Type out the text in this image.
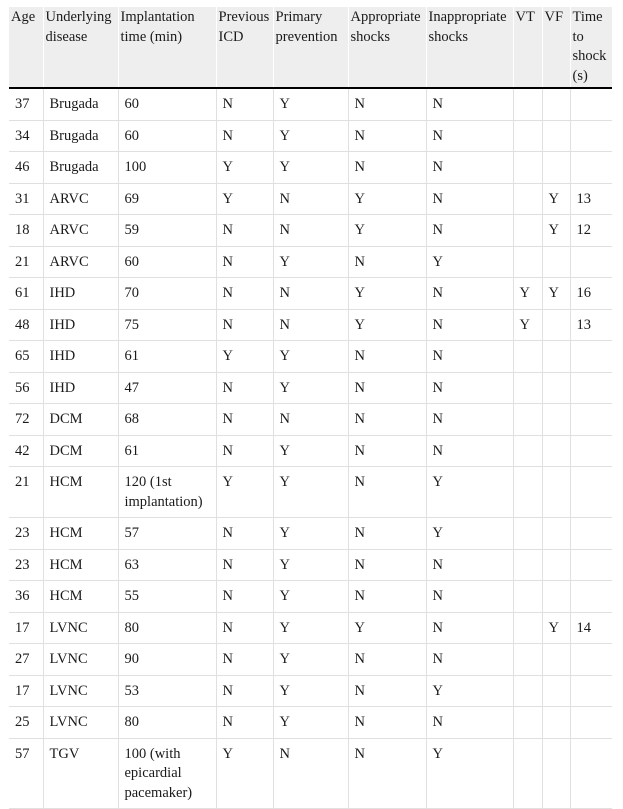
Age	Underlying disease	Implantation time (min)	Previous ICD	Primary prevention	Appropriate shocks	Inappropriate shocks	VT	VF	Time to shock (s)
37	Brugada	60	N	Y	N	N			
34	Brugada	60	N	Y	N	N			
46	Brugada	100	Y	Y	N	N			
31	ARVC	69	Y	N	Y	N		Y	13
18	ARVC	59	N	N	Y	N		Y	12
21	ARVC	60	N	Y	N	Y			
61	IHD	70	N	N	Y	N	Y	Y	16
48	IHD	75	N	N	Y	N	Y		13
65	IHD	61	Y	Y	N	N			
56	IHD	47	N	Y	N	N			
72	DCM	68	N	N	N	N			
42	DCM	61	N	Y	N	N			
21	HCM	120 (1st implantation)	Y	Y	N	Y			
23	HCM	57	N	Y	N	Y			
23	HCM	63	N	Y	N	N			
36	HCM	55	N	Y	N	N			
17	LVNC	80	N	Y	Y	N		Y	14
27	LVNC	90	N	Y	N	N			
17	LVNC	53	N	Y	N	Y			
25	LVNC	80	N	Y	N	N			
57	TGV	100 (with epicardial pacemaker)	Y	N	N	Y			
